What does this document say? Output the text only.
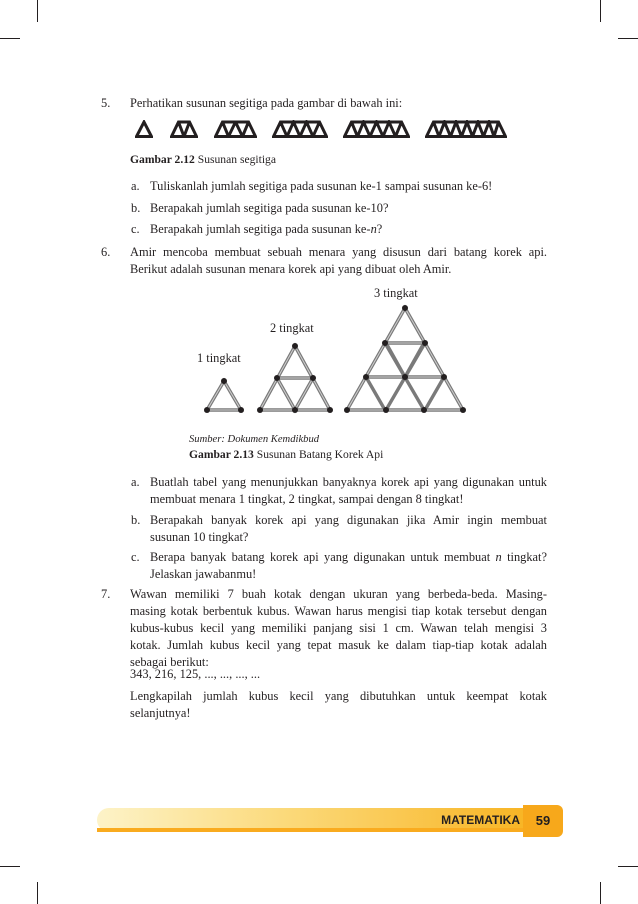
5. Perhatikan susunan segitiga pada gambar di bawah ini:
Gambar 2.12 Susunan segitiga
a. Tuliskanlah jumlah segitiga pada susunan ke-1 sampai susunan ke-6!
b. Berapakah jumlah segitiga pada susunan ke-10?
c. Berapakah jumlah segitiga pada susunan ke-n?
6. Amir mencoba membuat sebuah menara yang disusun dari batang korek api.
Berikut adalah susunan menara korek api yang dibuat oleh Amir.
3 tingkat
2 tingkat
1 tingkat
Sumber: Dokumen Kemdikbud
Gambar 2.13 Susunan Batang Korek Api
a. Buatlah tabel yang menunjukkan banyaknya korek api yang digunakan untuk
membuat menara 1 tingkat, 2 tingkat, sampai dengan 8 tingkat!
b. Berapakah banyak korek api yang digunakan jika Amir ingin membuat
susunan 10 tingkat?
c. Berapa banyak batang korek api yang digunakan untuk membuat n tingkat?
Jelaskan jawabanmu!
7. Wawan memiliki 7 buah kotak dengan ukuran yang berbeda-beda. Masing-
masing kotak berbentuk kubus. Wawan harus mengisi tiap kotak tersebut dengan
kubus-kubus kecil yang memiliki panjang sisi 1 cm. Wawan telah mengisi 3
kotak. Jumlah kubus kecil yang tepat masuk ke dalam tiap-tiap kotak adalah
sebagai berikut:
343, 216, 125, ..., ..., ..., ...
Lengkapilah jumlah kubus kecil yang dibutuhkan untuk keempat kotak
selanjutnya!
MATEMATIKA	59
